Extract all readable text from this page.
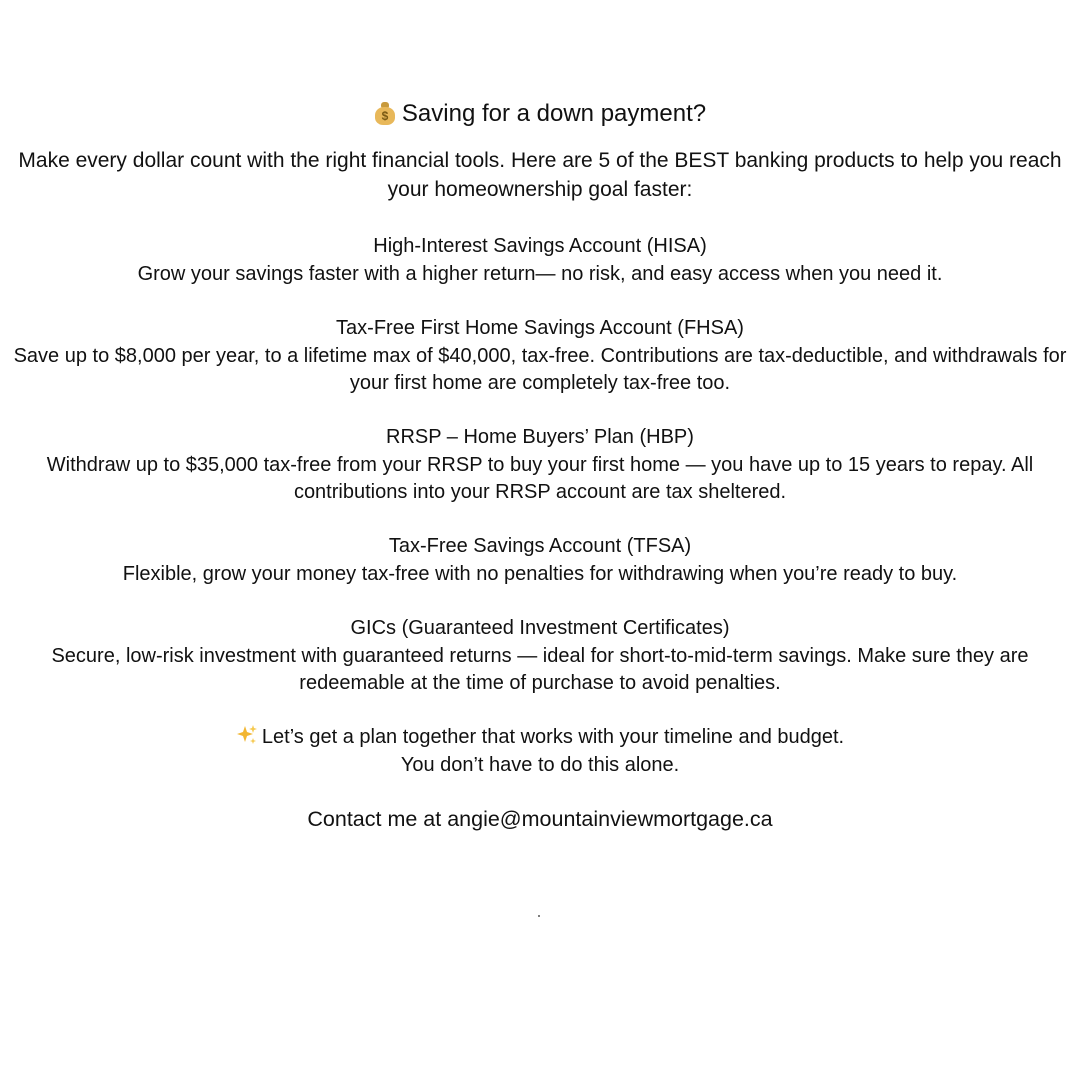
$ Saving for a down payment?
Make every dollar count with the right financial tools. Here are 5 of the BEST banking products to help you reach your homeownership goal faster:
High-Interest Savings Account (HISA)
Grow your savings faster with a higher return— no risk, and easy access when you need it.
Tax-Free First Home Savings Account (FHSA)
Save up to $8,000 per year, to a lifetime max of $40,000, tax-free. Contributions are tax-deductible, and withdrawals for your first home are completely tax-free too.
RRSP – Home Buyers’ Plan (HBP)
Withdraw up to $35,000 tax-free from your RRSP to buy your first home — you have up to 15 years to repay. All contributions into your RRSP account are tax sheltered.
Tax-Free Savings Account (TFSA)
Flexible, grow your money tax-free with no penalties for withdrawing when you’re ready to buy.
GICs (Guaranteed Investment Certificates)
Secure, low-risk investment with guaranteed returns — ideal for short-to-mid-term savings. Make sure they are redeemable at the time of purchase to avoid penalties.
Let’s get a plan together that works with your timeline and budget.
You don’t have to do this alone.
Contact me at angie@mountainviewmortgage.ca
